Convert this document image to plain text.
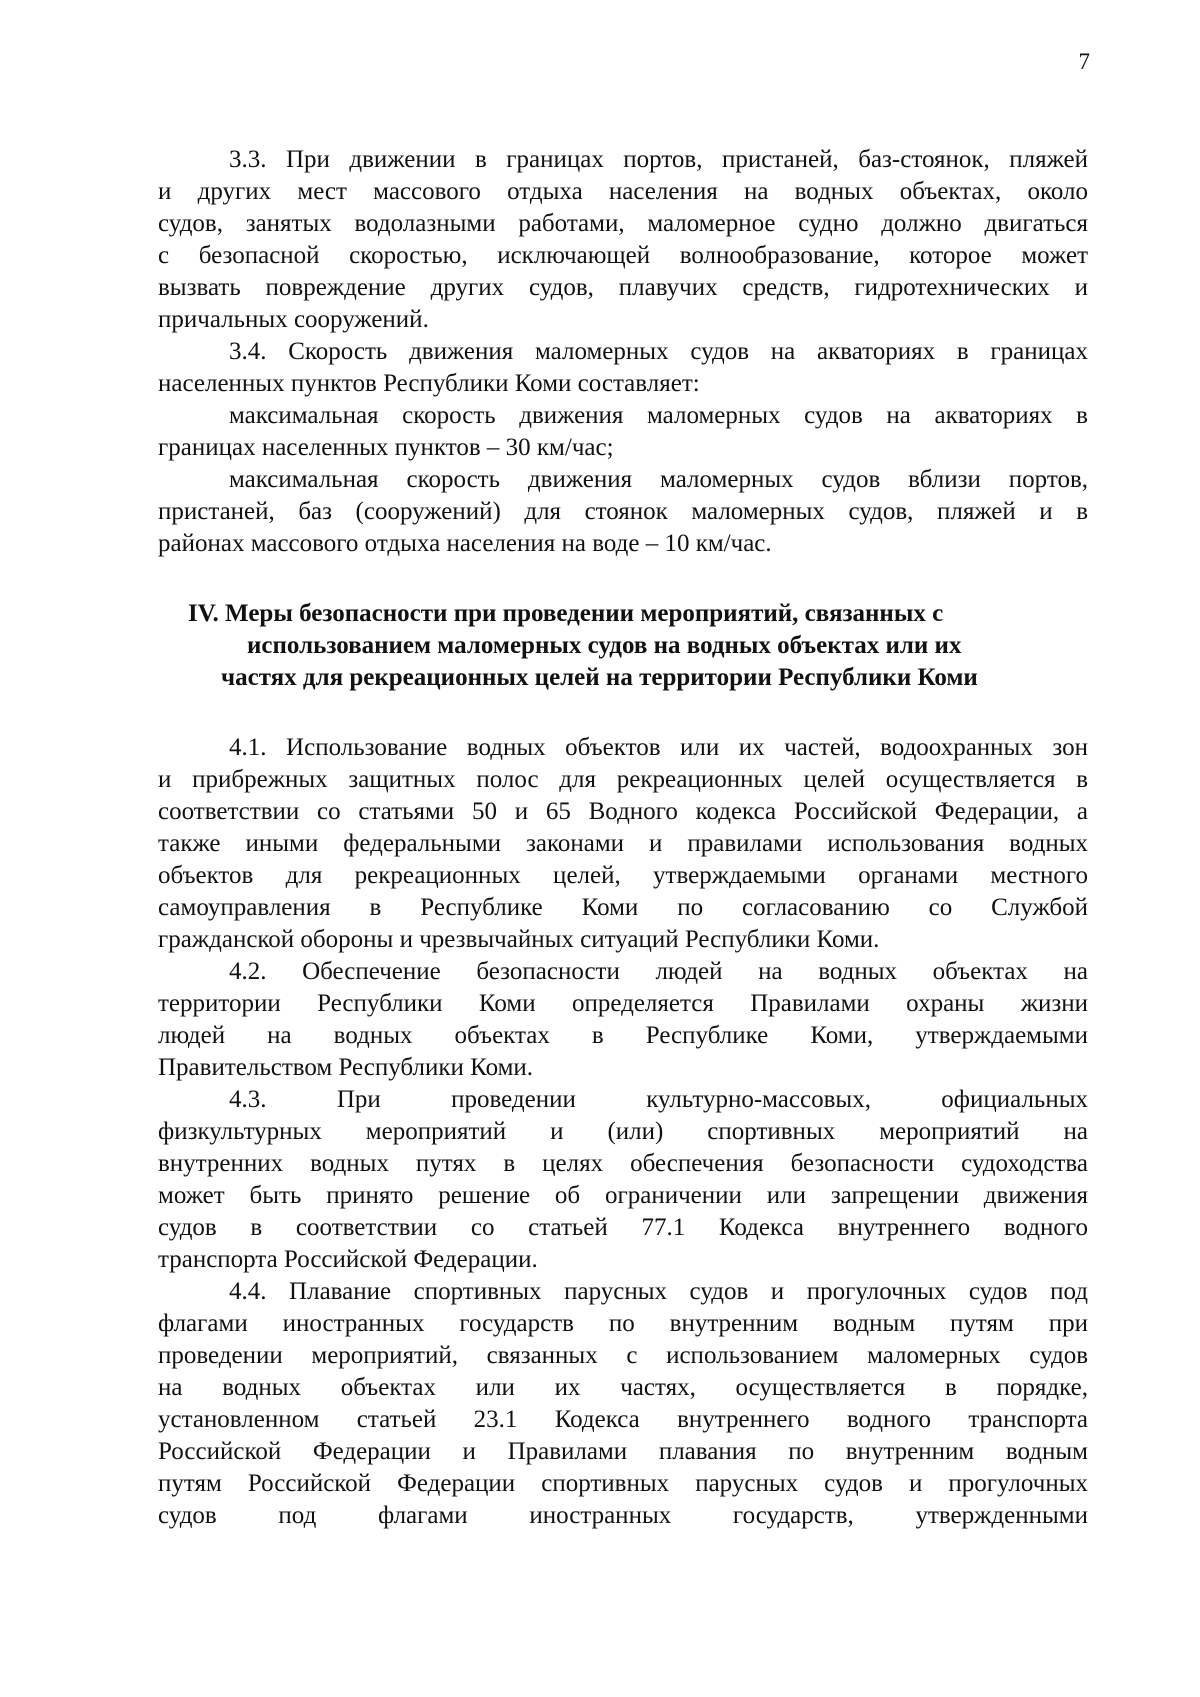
7
3.3. При движении в границах портов, пристаней, баз-стоянок, пляжей
и других мест массового отдыха населения на водных объектах, около
судов, занятых водолазными работами, маломерное судно должно двигаться
с безопасной скоростью, исключающей волнообразование, которое может
вызвать повреждение других судов, плавучих средств, гидротехнических и
причальных сооружений.
3.4. Скорость движения маломерных судов на акваториях в границах
населенных пунктов Республики Коми составляет:
максимальная скорость движения маломерных судов на акваториях в
границах населенных пунктов – 30 км/час;
максимальная скорость движения маломерных судов вблизи портов,
пристаней, баз (сооружений) для стоянок маломерных судов, пляжей и в
районах массового отдыха населения на воде – 10 км/час.
IV. Меры безопасности при проведении мероприятий, связанных с
использованием маломерных судов на водных объектах или их
частях для рекреационных целей на территории Республики Коми
4.1. Использование водных объектов или их частей, водоохранных зон
и прибрежных защитных полос для рекреационных целей осуществляется в
соответствии со статьями 50 и 65 Водного кодекса Российской Федерации, а
также иными федеральными законами и правилами использования водных
объектов для рекреационных целей, утверждаемыми органами местного
самоуправления в Республике Коми по согласованию со Службой
гражданской обороны и чрезвычайных ситуаций Республики Коми.
4.2. Обеспечение безопасности людей на водных объектах на
территории Республики Коми определяется Правилами охраны жизни
людей на водных объектах в Республике Коми, утверждаемыми
Правительством Республики Коми.
4.3. При проведении культурно-массовых, официальных
физкультурных мероприятий и (или) спортивных мероприятий на
внутренних водных путях в целях обеспечения безопасности судоходства
может быть принято решение об ограничении или запрещении движения
судов в соответствии со статьей 77.1 Кодекса внутреннего водного
транспорта Российской Федерации.
4.4. Плавание спортивных парусных судов и прогулочных судов под
флагами иностранных государств по внутренним водным путям при
проведении мероприятий, связанных с использованием маломерных судов
на водных объектах или их частях, осуществляется в порядке,
установленном статьей 23.1 Кодекса внутреннего водного транспорта
Российской Федерации и Правилами плавания по внутренним водным
путям Российской Федерации спортивных парусных судов и прогулочных
судов под флагами иностранных государств, утвержденными
